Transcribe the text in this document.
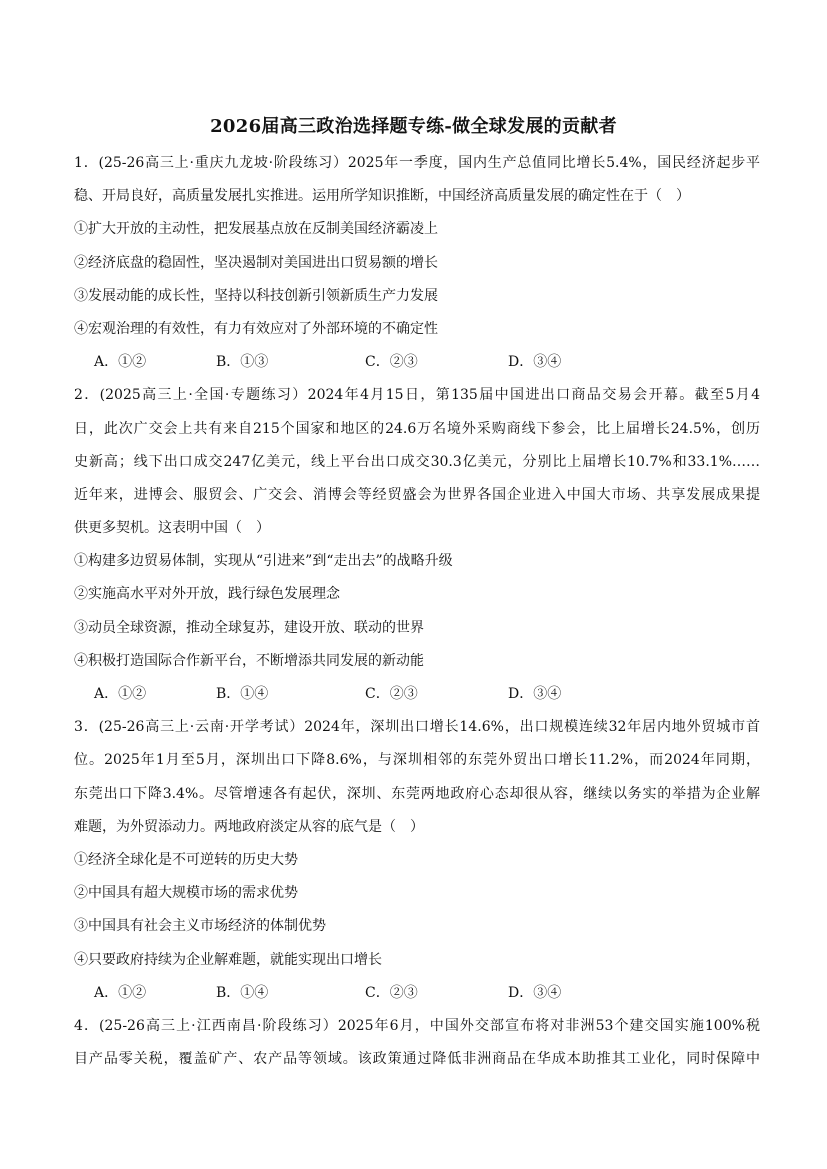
2026届高三政治选择题专练-做全球发展的贡献者
1．(25-26高三上·重庆九龙坡·阶段练习）2025年一季度，国内生产总值同比增长5.4%，国民经济起步平
稳、开局良好，高质量发展扎实推进。运用所学知识推断，中国经济高质量发展的确定性在于（　）
①扩大开放的主动性，把发展基点放在反制美国经济霸凌上
②经济底盘的稳固性，坚决遏制对美国进出口贸易额的增长
③发展动能的成长性，坚持以科技创新引领新质生产力发展
④宏观治理的有效性，有力有效应对了外部环境的不确定性
A．①②	B．①③	C．②③	D．③④
2．(2025高三上·全国·专题练习）2024年4月15日，第135届中国进出口商品交易会开幕。截至5月4
日，此次广交会上共有来自215个国家和地区的24.6万名境外采购商线下参会，比上届增长24.5%，创历
史新高；线下出口成交247亿美元，线上平台出口成交30.3亿美元，分别比上届增长10.7%和33.1%……
近年来，进博会、服贸会、广交会、消博会等经贸盛会为世界各国企业进入中国大市场、共享发展成果提
供更多契机。这表明中国（　）
①构建多边贸易体制，实现从“引进来”到“走出去”的战略升级
②实施高水平对外开放，践行绿色发展理念
③动员全球资源，推动全球复苏，建设开放、联动的世界
④积极打造国际合作新平台，不断增添共同发展的新动能
A．①②	B．①④	C．②③	D．③④
3．(25-26高三上·云南·开学考试）2024年，深圳出口增长14.6%，出口规模连续32年居内地外贸城市首
位。2025年1月至5月，深圳出口下降8.6%，与深圳相邻的东莞外贸出口增长11.2%，而2024年同期，
东莞出口下降3.4%。尽管增速各有起伏，深圳、东莞两地政府心态却很从容，继续以务实的举措为企业解
难题，为外贸添动力。两地政府淡定从容的底气是（　）
①经济全球化是不可逆转的历史大势
②中国具有超大规模市场的需求优势
③中国具有社会主义市场经济的体制优势
④只要政府持续为企业解难题，就能实现出口增长
A．①②	B．①④	C．②③	D．③④
4．(25-26高三上·江西南昌·阶段练习）2025年6月，中国外交部宣布将对非洲53个建交国实施100%税
目产品零关税，覆盖矿产、农产品等领域。该政策通过降低非洲商品在华成本助推其工业化，同时保障中
